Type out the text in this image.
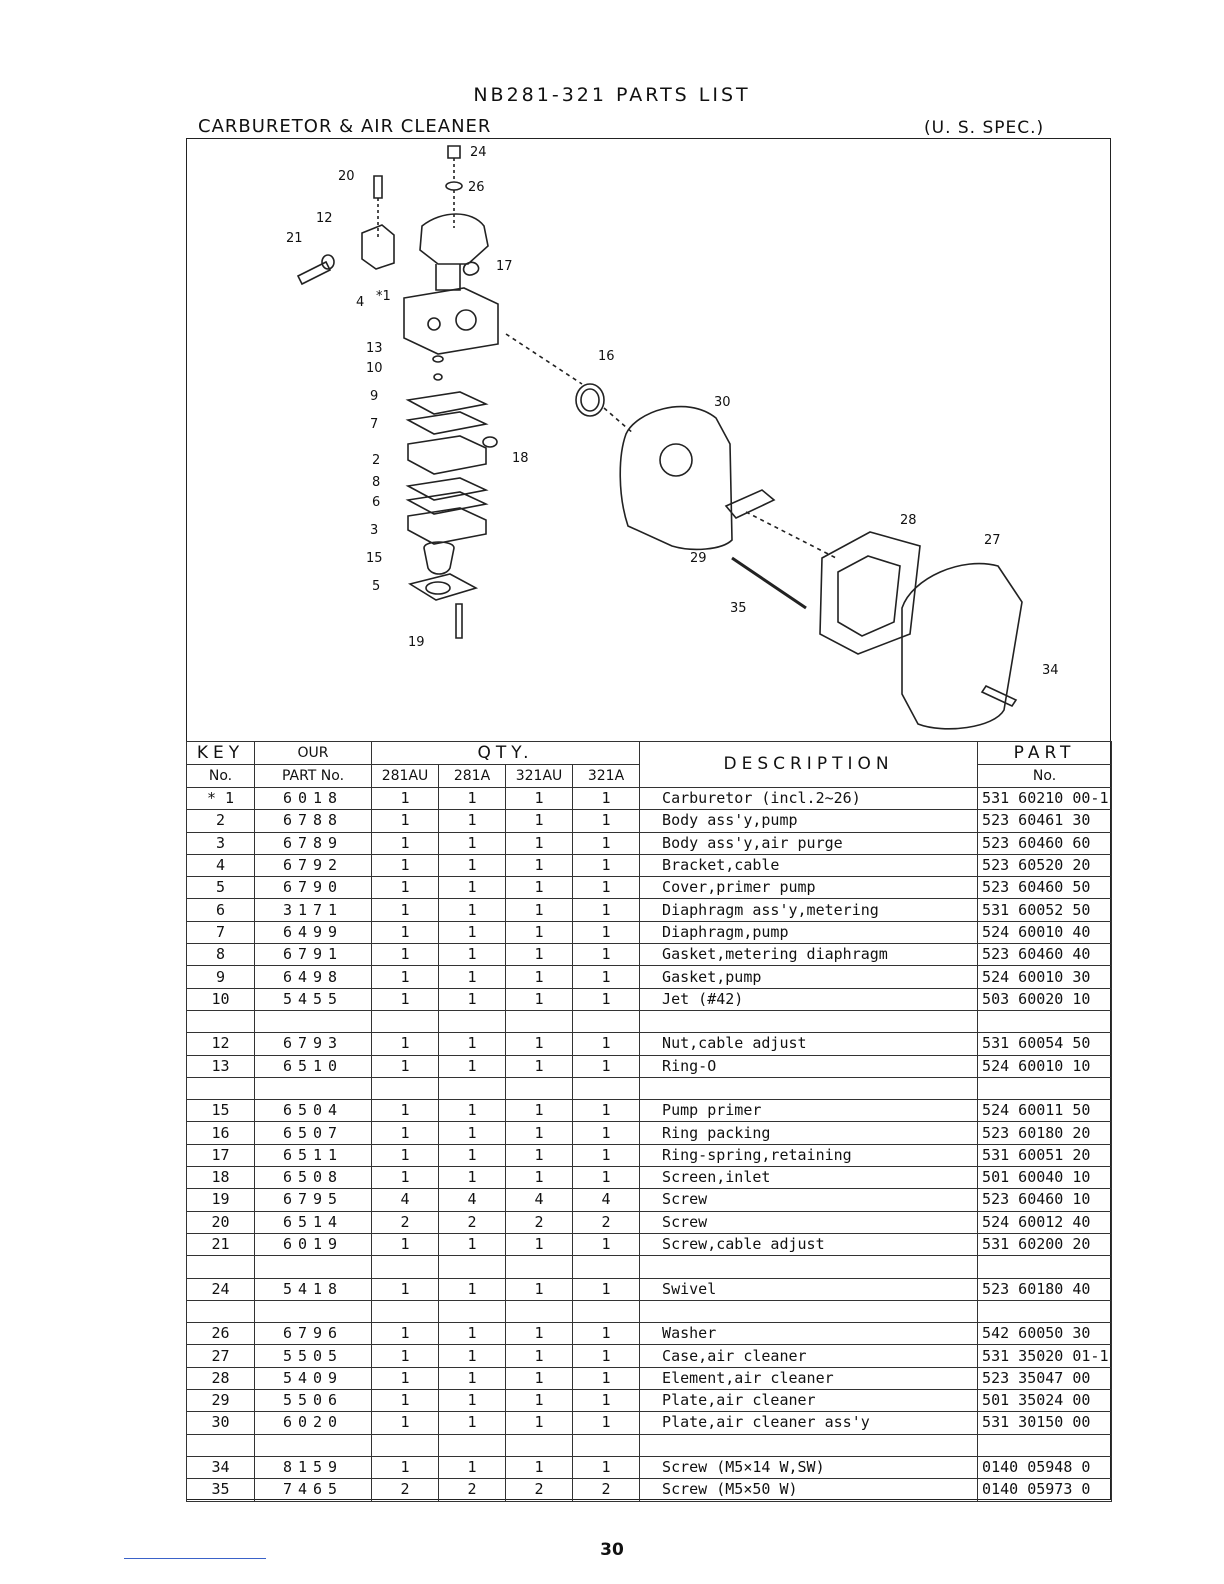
NB281-321 PARTS LIST
CARBURETOR & AIR CLEANER	(U. S. SPEC.)
24
26
20
12
21
17
4 *1
13
10
16
30
9
7
18
2
8
6
3
15
5
19
28
27
29
35
34
KEY	OUR	QTY.				DESCRIPTION	PART
No.	PART No.	281AU	281A	321AU	321A		No.
* 1	6018	1	1	1	1	Carburetor (incl.2~26)	531 60210 00-1
2	6788	1	1	1	1	Body ass'y,pump	523 60461 30
3	6789	1	1	1	1	Body ass'y,air purge	523 60460 60
4	6792	1	1	1	1	Bracket,cable	523 60520 20
5	6790	1	1	1	1	Cover,primer pump	523 60460 50
6	3171	1	1	1	1	Diaphragm ass'y,metering	531 60052 50
7	6499	1	1	1	1	Diaphragm,pump	524 60010 40
8	6791	1	1	1	1	Gasket,metering diaphragm	523 60460 40
9	6498	1	1	1	1	Gasket,pump	524 60010 30
10	5455	1	1	1	1	Jet (#42)	503 60020 10

12	6793	1	1	1	1	Nut,cable adjust	531 60054 50
13	6510	1	1	1	1	Ring-O	524 60010 10

15	6504	1	1	1	1	Pump primer	524 60011 50
16	6507	1	1	1	1	Ring packing	523 60180 20
17	6511	1	1	1	1	Ring-spring,retaining	531 60051 20
18	6508	1	1	1	1	Screen,inlet	501 60040 10
19	6795	4	4	4	4	Screw	523 60460 10
20	6514	2	2	2	2	Screw	524 60012 40
21	6019	1	1	1	1	Screw,cable adjust	531 60200 20

24	5418	1	1	1	1	Swivel	523 60180 40

26	6796	1	1	1	1	Washer	542 60050 30
27	5505	1	1	1	1	Case,air cleaner	531 35020 01-1
28	5409	1	1	1	1	Element,air cleaner	523 35047 00
29	5506	1	1	1	1	Plate,air cleaner	501 35024 00
30	6020	1	1	1	1	Plate,air cleaner ass'y	531 30150 00

34	8159	1	1	1	1	Screw (M5×14 W,SW)	0140 05948 0
35	7465	2	2	2	2	Screw (M5×50 W)	0140 05973 0
30
